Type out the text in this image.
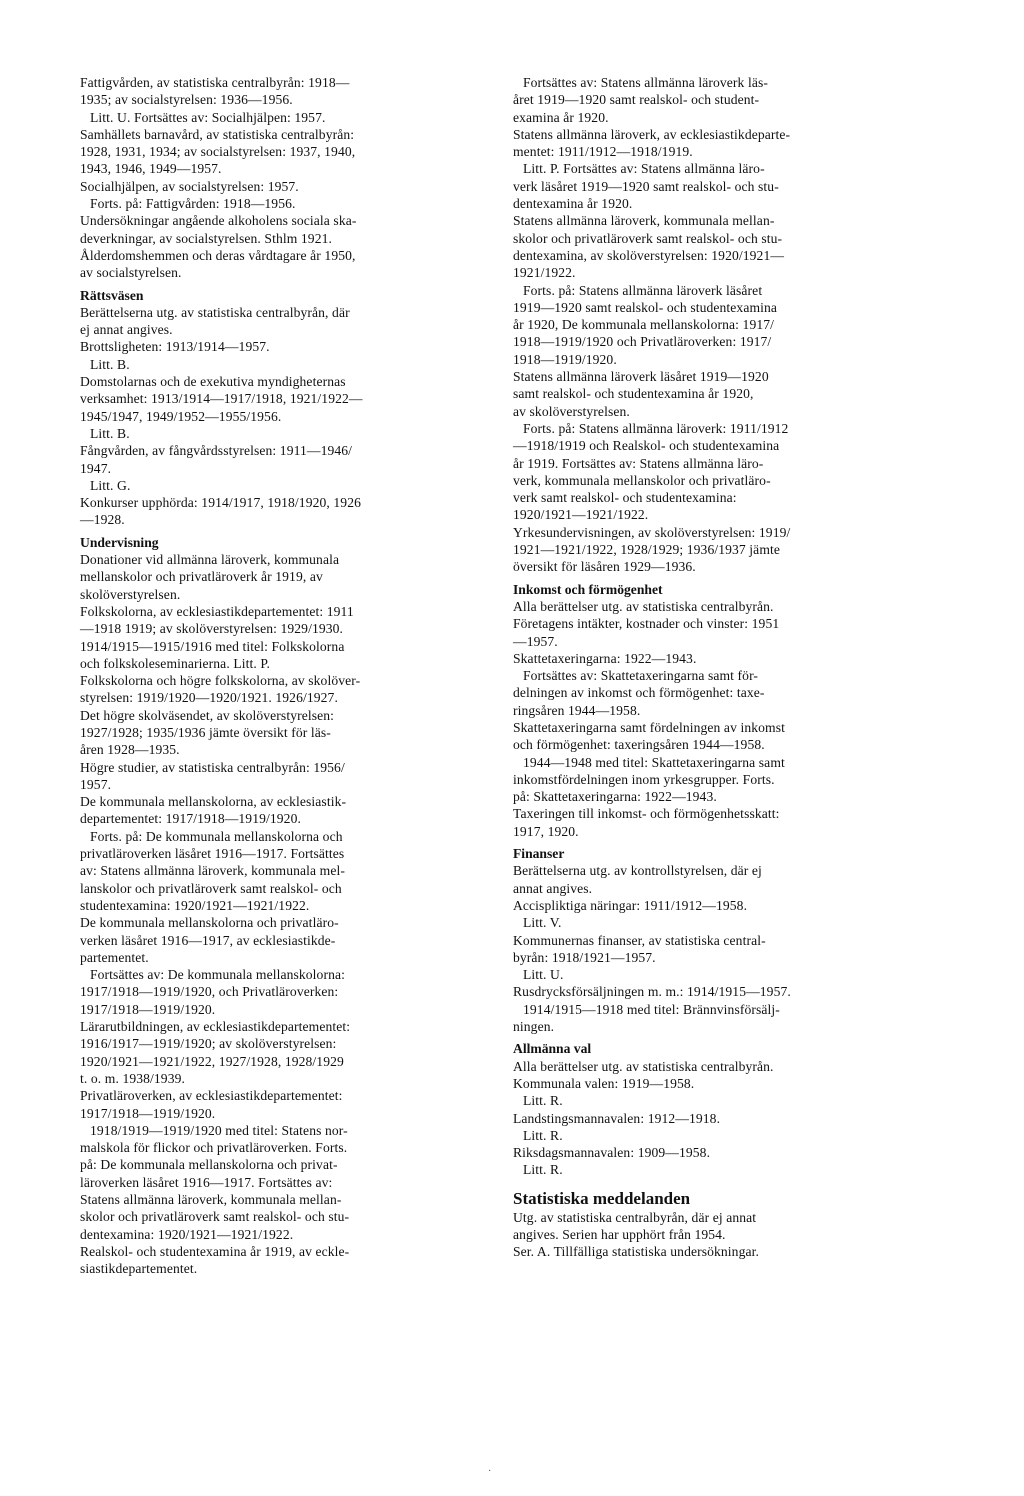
Fattigvården, av statistiska centralbyrån: 1918—
1935; av socialstyrelsen: 1936—1956.
Litt. U. Fortsättes av: Socialhjälpen: 1957.
Samhällets barnavård, av statistiska centralbyrån:
1928, 1931, 1934; av socialstyrelsen: 1937, 1940,
1943, 1946, 1949—1957.
Socialhjälpen, av socialstyrelsen: 1957.
Forts. på: Fattigvården: 1918—1956.
Undersökningar angående alkoholens sociala ska-
deverkningar, av socialstyrelsen. Sthlm 1921.
Ålderdomshemmen och deras vårdtagare år 1950,
av socialstyrelsen.
Rättsväsen
Berättelserna utg. av statistiska centralbyrån, där
ej annat angives.
Brottsligheten: 1913/1914—1957.
Litt. B.
Domstolarnas och de exekutiva myndigheternas
verksamhet: 1913/1914—1917/1918, 1921/1922—
1945/1947, 1949/1952—1955/1956.
Litt. B.
Fångvården, av fångvårdsstyrelsen: 1911—1946/
1947.
Litt. G.
Konkurser upphörda: 1914/1917, 1918/1920, 1926
—1928.
Undervisning
Donationer vid allmänna läroverk, kommunala
mellanskolor och privatläroverk år 1919, av
skolöverstyrelsen.
Folkskolorna, av ecklesiastikdepartementet: 1911
—1918 1919; av skolöverstyrelsen: 1929/1930.
1914/1915—1915/1916 med titel: Folkskolorna
och folkskoleseminarierna. Litt. P.
Folkskolorna och högre folkskolorna, av skolöver-
styrelsen: 1919/1920—1920/1921. 1926/1927.
Det högre skolväsendet, av skolöverstyrelsen:
1927/1928; 1935/1936 jämte översikt för läs-
åren 1928—1935.
Högre studier, av statistiska centralbyrån: 1956/
1957.
De kommunala mellanskolorna, av ecklesiastik-
departementet: 1917/1918—1919/1920.
Forts. på: De kommunala mellanskolorna och
privatläroverken läsåret 1916—1917. Fortsättes
av: Statens allmänna läroverk, kommunala mel-
lanskolor och privatläroverk samt realskol- och
studentexamina: 1920/1921—1921/1922.
De kommunala mellanskolorna och privatläro-
verken läsåret 1916—1917, av ecklesiastikde-
partementet.
Fortsättes av: De kommunala mellanskolorna:
1917/1918—1919/1920, och Privatläroverken:
1917/1918—1919/1920.
Lärarutbildningen, av ecklesiastikdepartementet:
1916/1917—1919/1920; av skolöverstyrelsen:
1920/1921—1921/1922, 1927/1928, 1928/1929
t. o. m. 1938/1939.
Privatläroverken, av ecklesiastikdepartementet:
1917/1918—1919/1920.
1918/1919—1919/1920 med titel: Statens nor-
malskola för flickor och privatläroverken. Forts.
på: De kommunala mellanskolorna och privat-
läroverken läsåret 1916—1917. Fortsättes av:
Statens allmänna läroverk, kommunala mellan-
skolor och privatläroverk samt realskol- och stu-
dentexamina: 1920/1921—1921/1922.
Realskol- och studentexamina år 1919, av eckle-
siastikdepartementet.
Fortsättes av: Statens allmänna läroverk läs-
året 1919—1920 samt realskol- och student-
examina år 1920.
Statens allmänna läroverk, av ecklesiastikdeparte-
mentet: 1911/1912—1918/1919.
Litt. P. Fortsättes av: Statens allmänna läro-
verk läsåret 1919—1920 samt realskol- och stu-
dentexamina år 1920.
Statens allmänna läroverk, kommunala mellan-
skolor och privatläroverk samt realskol- och stu-
dentexamina, av skolöverstyrelsen: 1920/1921—
1921/1922.
Forts. på: Statens allmänna läroverk läsåret
1919—1920 samt realskol- och studentexamina
år 1920, De kommunala mellanskolorna: 1917/
1918—1919/1920 och Privatläroverken: 1917/
1918—1919/1920.
Statens allmänna läroverk läsåret 1919—1920
samt realskol- och studentexamina år 1920,
av skolöverstyrelsen.
Forts. på: Statens allmänna läroverk: 1911/1912
—1918/1919 och Realskol- och studentexamina
år 1919. Fortsättes av: Statens allmänna läro-
verk, kommunala mellanskolor och privatläro-
verk samt realskol- och studentexamina:
1920/1921—1921/1922.
Yrkesundervisningen, av skolöverstyrelsen: 1919/
1921—1921/1922, 1928/1929; 1936/1937 jämte
översikt för läsåren 1929—1936.
Inkomst och förmögenhet
Alla berättelser utg. av statistiska centralbyrån.
Företagens intäkter, kostnader och vinster: 1951
—1957.
Skattetaxeringarna: 1922—1943.
Fortsättes av: Skattetaxeringarna samt för-
delningen av inkomst och förmögenhet: taxe-
ringsåren 1944—1958.
Skattetaxeringarna samt fördelningen av inkomst
och förmögenhet: taxeringsåren 1944—1958.
1944—1948 med titel: Skattetaxeringarna samt
inkomstfördelningen inom yrkesgrupper. Forts.
på: Skattetaxeringarna: 1922—1943.
Taxeringen till inkomst- och förmögenhetsskatt:
1917, 1920.
Finanser
Berättelserna utg. av kontrollstyrelsen, där ej
annat angives.
Accispliktiga näringar: 1911/1912—1958.
Litt. V.
Kommunernas finanser, av statistiska central-
byrån: 1918/1921—1957.
Litt. U.
Rusdrycksförsäljningen m. m.: 1914/1915—1957.
1914/1915—1918 med titel: Brännvinsförsälj-
ningen.
Allmänna val
Alla berättelser utg. av statistiska centralbyrån.
Kommunala valen: 1919—1958.
Litt. R.
Landstingsmannavalen: 1912—1918.
Litt. R.
Riksdagsmannavalen: 1909—1958.
Litt. R.
Statistiska meddelanden
Utg. av statistiska centralbyrån, där ej annat
angives. Serien har upphört från 1954.
Ser. A. Tillfälliga statistiska undersökningar.
·
